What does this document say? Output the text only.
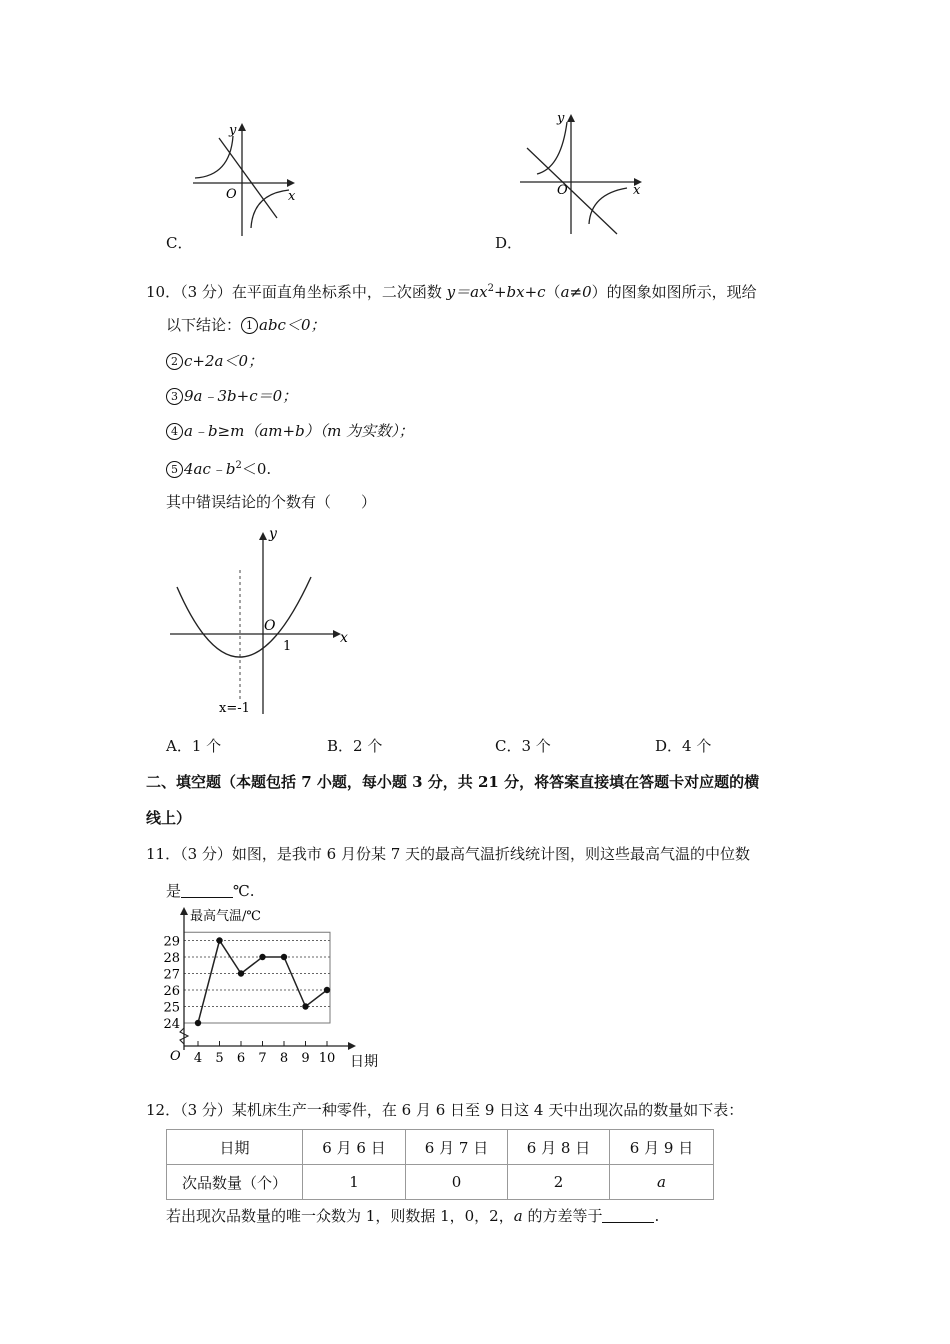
y
x
O
y
x
O
C．	D．
10．（3 分）在平面直角坐标系中，二次函数 $y=ax^2+bx+c(a\ne 0)$的图象如图所示，现给
以下结论： 1 abc＜0；
2 c+2a＜0；
3 9a﹣3b+c＝0；
4 a﹣b≥m（am+b）（m 为实数）；
5 $4ac﹣b^2<0$.
其中错误结论的个数有（　　）
y
x
O
1
x=-1
A．1 个	B．2 个	C．3 个	D．4 个
二、填空题（本题包括 7 小题，每小题 3 分，共 21 分，将答案直接填在答题卡对应题的横
线上）
11．（3 分）如图，是我市 6 月份某 7 天的最高气温折线统计图，则这些最高气温的中位数
是	℃.
4 5 6 7 8 9 10
24
25
26
27
28
29
最高气温/℃
日期
O
12．（3 分）某机床生产一种零件，在 6 月 6 日至 9 日这 4 天中出现次品的数量如下表：
日期	6 月 6 日	6 月 7 日	6 月 8 日	6 月 9 日
次品数量（个）	1	0	2	a
若出现次品数量的唯一众数为 1，则数据 1，0，2，a 的方差等于	.
